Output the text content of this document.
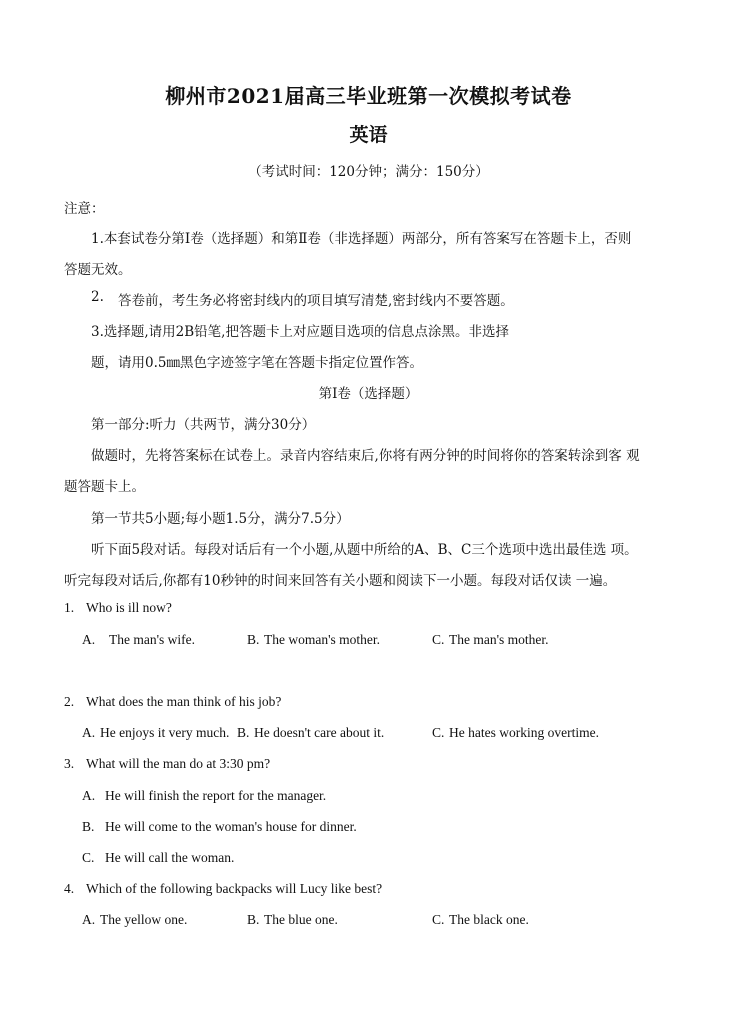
柳州市2021届高三毕业班第一次模拟考试卷
英语
（考试时间：120分钟；满分：150分）
注意：
1.本套试卷分第Ⅰ卷（选择题）和第Ⅱ卷（非选择题）两部分，所有答案写在答题卡上，否则
答题无效。
2. 答卷前，考生务必将密封线内的项目填写清楚,密封线内不要答题。
3.选择题,请用2B铅笔,把答题卡上对应题目选项的信息点涂黑。非选择
题，请用0.5㎜黑色字迹签字笔在答题卡指定位置作答。
第Ⅰ卷（选择题）
第一部分:听力（共两节，满分30分）
做题时，先将答案标在试卷上。录音内容结束后,你将有两分钟的时间将你的答案转涂到客 观
题答题卡上。
第一节共5小题;每小题1.5分，满分7.5分）
听下面5段对话。每段对话后有一个小题,从题中所给的A、B、C三个选项中选出最佳选 项。
听完每段对话后,你都有10秒钟的时间来回答有关小题和阅读下一小题。每段对话仅读 一遍。
1. Who is ill now?
A. The man's wife.	B. The woman's mother.	C. The man's mother.
2. What does the man think of his job?
A. He enjoys it very much. B. He doesn't care about it.	C. He hates working overtime.
3. What will the man do at 3:30 pm?
A. He will finish the report for the manager.
B. He will come to the woman's house for dinner.
C. He will call the woman.
4. Which of the following backpacks will Lucy like best?
A. The yellow one.	B. The blue one.	C. The black one.
